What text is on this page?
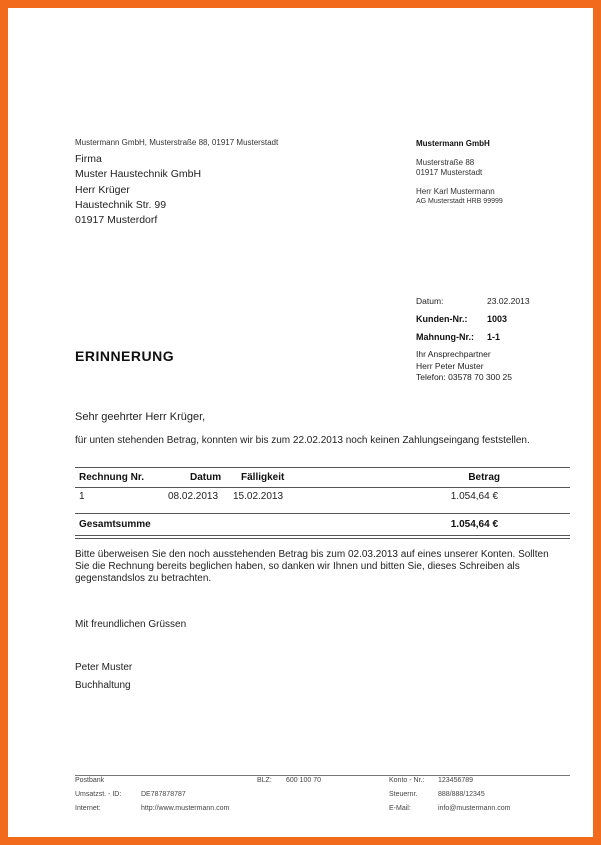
Mustermann GmbH, Musterstraße 88, 01917 Musterstadt
Firma
Muster Haustechnik GmbH
Herr Krüger
Haustechnik Str. 99
01917 Musterdorf
Mustermann GmbH
Musterstraße 88
01917 Musterstadt
Herr Karl Mustermann
AG Musterstadt HRB 99999
Datum:	23.02.2013
Kunden-Nr.: 1003
Mahnung-Nr.: 1-1
Ihr Ansprechpartner
Herr Peter Muster
Telefon: 03578 70 300 25
ERINNERUNG
Sehr geehrter Herr Krüger,
für unten stehenden Betrag, konnten wir bis zum 22.02.2013 noch keinen Zahlungseingang feststellen.
Rechnung Nr.	Datum Fälligkeit	Betrag
1	08.02.2013 15.02.2013	1.054,64 €
Gesamtsumme	1.054,64 €
Bitte überweisen Sie den noch ausstehenden Betrag bis zum 02.03.2013 auf eines unserer Konten. Sollten Sie die Rechnung bereits beglichen haben, so danken wir Ihnen und bitten Sie, dieses Schreiben als gegenstandslos zu betrachten.
Mit freundlichen Grüssen
Peter Muster
Buchhaltung
Postbank	BLZ: 600 100 70	Konto - Nr.: 123456789
Umsatzst. - ID:	DE787878787	Steuernr.	888/888/12345
Internet:	http://www.mustermann.com	E-Mail:	info@mustermann.com
